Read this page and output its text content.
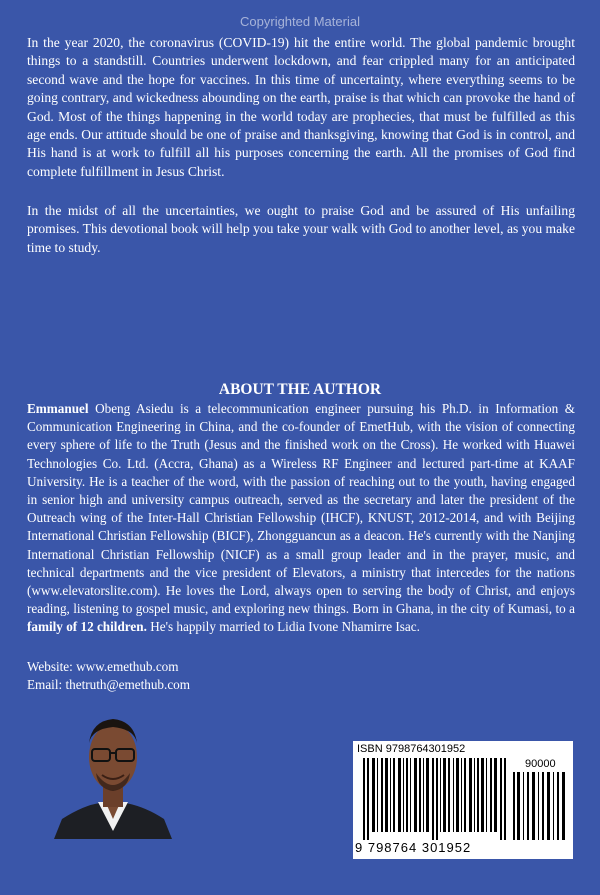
Copyrighted Material
In the year 2020, the coronavirus (COVID-19) hit the entire world. The global pandemic brought things to a standstill. Countries underwent lockdown, and fear crippled many for an anticipated second wave and the hope for vaccines. In this time of uncertainty, where everything seems to be going contrary, and wickedness abounding on the earth, praise is that which can provoke the hand of God. Most of the things happening in the world today are prophecies, that must be fulfilled as this age ends. Our attitude should be one of praise and thanksgiving, knowing that God is in control, and His hand is at work to fulfill all his purposes concerning the earth. All the promises of God find complete fulfillment in Jesus Christ.
In the midst of all the uncertainties, we ought to praise God and be assured of His unfailing promises. This devotional book will help you take your walk with God to another level, as you make time to study.
ABOUT THE AUTHOR
Emmanuel Obeng Asiedu is a telecommunication engineer pursuing his Ph.D. in Information & Communication Engineering in China, and the co-founder of EmetHub, with the vision of connecting every sphere of life to the Truth (Jesus and the finished work on the Cross). He worked with Huawei Technologies Co. Ltd. (Accra, Ghana) as a Wireless RF Engineer and lectured part-time at KAAF University. He is a teacher of the word, with the passion of reaching out to the youth, having engaged in senior high and university campus outreach, served as the secretary and later the president of the Outreach wing of the Inter-Hall Christian Fellowship (IHCF), KNUST, 2012-2014, and with Beijing International Christian Fellowship (BICF), Zhongguancun as a deacon. He's currently with the Nanjing International Christian Fellowship (NICF) as a small group leader and in the prayer, music, and technical departments and the vice president of Elevators, a ministry that intercedes for the nations (www.elevatorslite.com). He loves the Lord, always open to serving the body of Christ, and enjoys reading, listening to gospel music, and exploring new things. Born in Ghana, in the city of Kumasi, to a family of 12 children. He's happily married to Lidia Ivone Nhamirre Isac.
Website: www.emethub.com
Email: thetruth@emethub.com
ISBN 9798764301952
90000
9 798764 301952
